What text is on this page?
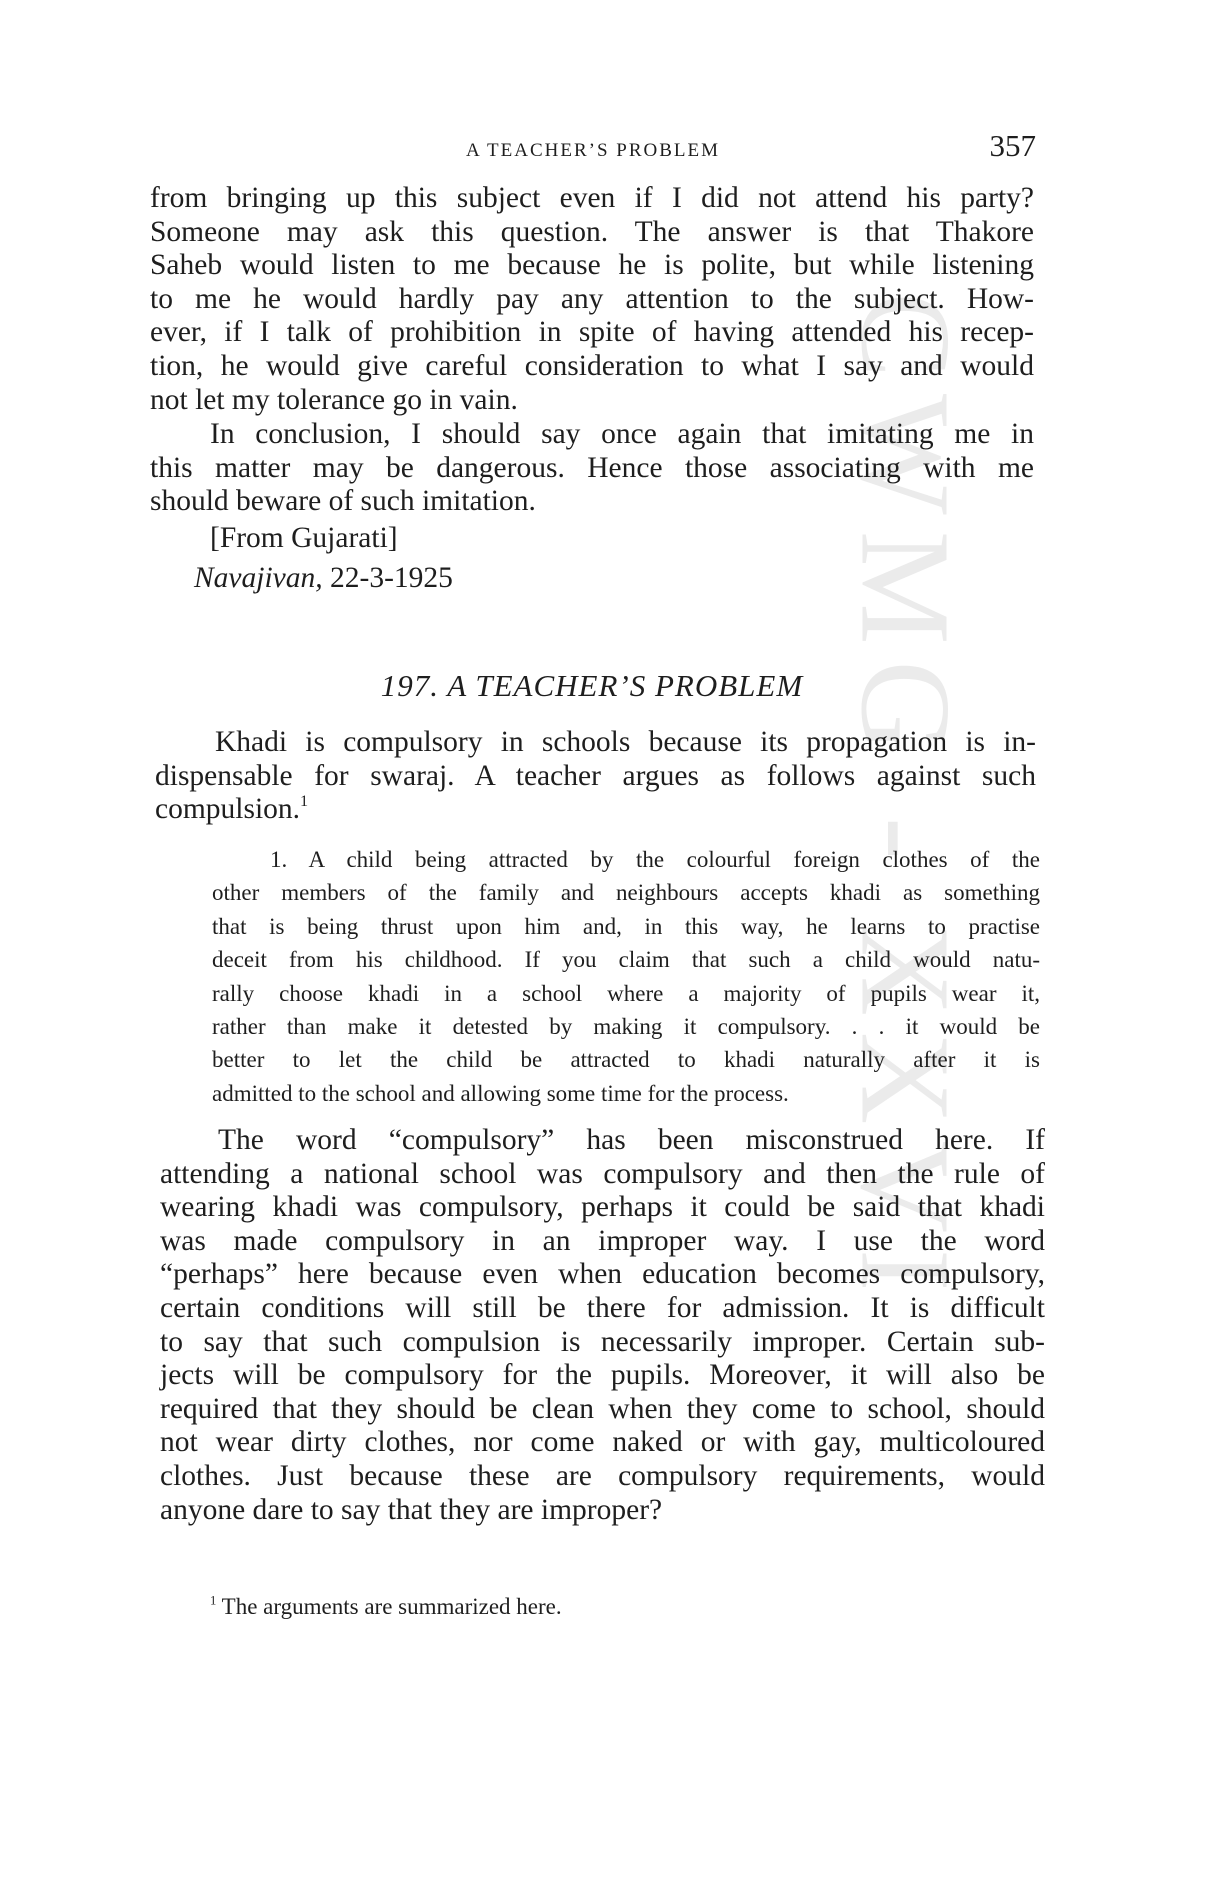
CWMG - XXVI
A TEACHER’S PROBLEM	357

from bringing up this subject even if I did not attend his party?
Someone may ask this question. The answer is that Thakore
Saheb would listen to me because he is polite, but while listening
to me he would hardly pay any attention to the subject. How-
ever, if I talk of prohibition in spite of having attended his recep-
tion, he would give careful consideration to what I say and would
not let my tolerance go in vain.

In conclusion, I should say once again that imitating me in
this matter may be dangerous. Hence those associating with me
should beware of such imitation.

[From Gujarati]
Navajivan, 22-3-1925
197. A TEACHER’S PROBLEM

Khadi is compulsory in schools because its propagation is in-
dispensable for swaraj. A teacher argues as follows against such
compulsion.$^1$

1. A child being attracted by the colourful foreign clothes of the
other members of the family and neighbours accepts khadi as something
that is being thrust upon him and, in this way, he learns to practise
deceit from his childhood. If you claim that such a child would natu-
rally choose khadi in a school where a majority of pupils wear it,
rather than make it detested by making it compulsory. . . it would be
better to let the child be attracted to khadi naturally after it is
admitted to the school and allowing some time for the process.

The word “compulsory” has been misconstrued here. If
attending a national school was compulsory and then the rule of
wearing khadi was compulsory, perhaps it could be said that khadi
was made compulsory in an improper way. I use the word
“perhaps” here because even when education becomes compulsory,
certain conditions will still be there for admission. It is difficult
to say that such compulsion is necessarily improper. Certain sub-
jects will be compulsory for the pupils. Moreover, it will also be
required that they should be clean when they come to school, should
not wear dirty clothes, nor come naked or with gay, multicoloured
clothes. Just because these are compulsory requirements, would
anyone dare to say that they are improper?

$^1$ The arguments are summarized here.
